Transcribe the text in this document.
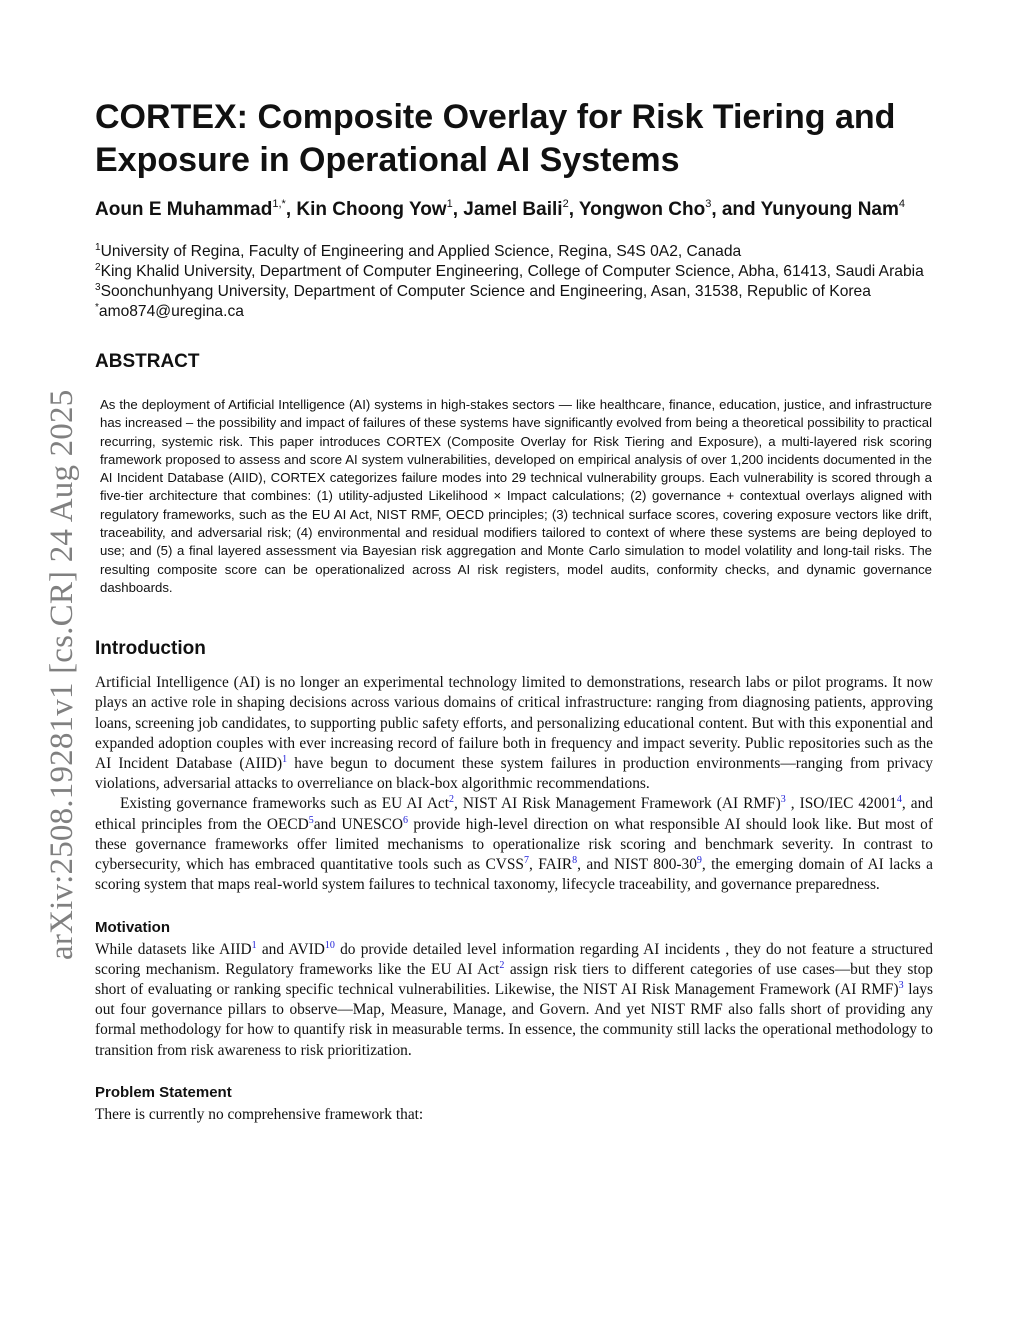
arXiv:2508.19281v1 [cs.CR] 24 Aug 2025
CORTEX: Composite Overlay for Risk Tiering and
Exposure in Operational AI Systems
Aoun E Muhammad$^{1,*}$, Kin Choong Yow$^1$, Jamel Baili$^2$, Yongwon Cho$^3$, and Yunyoung Nam$^4$
$^1$University of Regina, Faculty of Engineering and Applied Science, Regina, S4S 0A2, Canada
$^2$King Khalid University, Department of Computer Engineering, College of Computer Science, Abha, 61413, Saudi Arabia
$^3$Soonchunhyang University, Department of Computer Science and Engineering, Asan, 31538, Republic of Korea
*amo874@uregina.ca
ABSTRACT
As the deployment of Artificial Intelligence (AI) systems in high-stakes sectors — like healthcare, finance, education, justice, and infrastructure has increased – the possibility and impact of failures of these systems have significantly evolved from being a theoretical possibility to practical recurring, systemic risk. This paper introduces CORTEX (Composite Overlay for Risk Tiering and Exposure), a multi-layered risk scoring framework proposed to assess and score AI system vulnerabilities, developed on empirical analysis of over 1,200 incidents documented in the AI Incident Database (AIID), CORTEX categorizes failure modes into 29 technical vulnerability groups. Each vulnerability is scored through a five-tier architecture that combines: (1) utility-adjusted Likelihood × Impact calculations; (2) governance + contextual overlays aligned with regulatory frameworks, such as the EU AI Act, NIST RMF, OECD principles; (3) technical surface scores, covering exposure vectors like drift, traceability, and adversarial risk; (4) environmental and residual modifiers tailored to context of where these systems are being deployed to use; and (5) a final layered assessment via Bayesian risk aggregation and Monte Carlo simulation to model volatility and long-tail risks. The resulting composite score can be operationalized across AI risk registers, model audits, conformity checks, and dynamic governance dashboards.
Introduction

Artificial Intelligence (AI) is no longer an experimental technology limited to demonstrations, research labs or pilot programs. It now plays an active role in shaping decisions across various domains of critical infrastructure: ranging from diagnosing patients, approving loans, screening job candidates, to supporting public safety efforts, and personalizing educational content. But with this exponential and expanded adoption couples with ever increasing record of failure both in frequency and impact severity. Public repositories such as the AI Incident Database (AIID)$^1$ have begun to document these system failures in production environments—ranging from privacy violations, adversarial attacks to overreliance on black-box algorithmic recommendations.

Existing governance frameworks such as EU AI Act$^2$, NIST AI Risk Management Framework (AI RMF)$^3$ , ISO/IEC 42001$^4$, and ethical principles from the OECD$^5$and UNESCO$^6$ provide high-level direction on what responsible AI should look like. But most of these governance frameworks offer limited mechanisms to operationalize risk scoring and benchmark severity. In contrast to cybersecurity, which has embraced quantitative tools such as CVSS$^7$, FAIR$^8$, and NIST $800-30^9$, the emerging domain of AI lacks a scoring system that maps real-world system failures to technical taxonomy, lifecycle traceability, and governance preparedness.

Motivation

While datasets like AIID$^1$ and AVID$^{10}$ do provide detailed level information regarding AI incidents , they do not feature a structured scoring mechanism. Regulatory frameworks like the EU AI Act$^2$ assign risk tiers to different categories of use cases—but they stop short of evaluating or ranking specific technical vulnerabilities. Likewise, the NIST AI Risk Management Framework (AI RMF)$^3$ lays out four governance pillars to observe—Map, Measure, Manage, and Govern. And yet NIST RMF also falls short of providing any formal methodology for how to quantify risk in measurable terms. In essence, the community still lacks the operational methodology to transition from risk awareness to risk prioritization.

Problem Statement

There is currently no comprehensive framework that:
